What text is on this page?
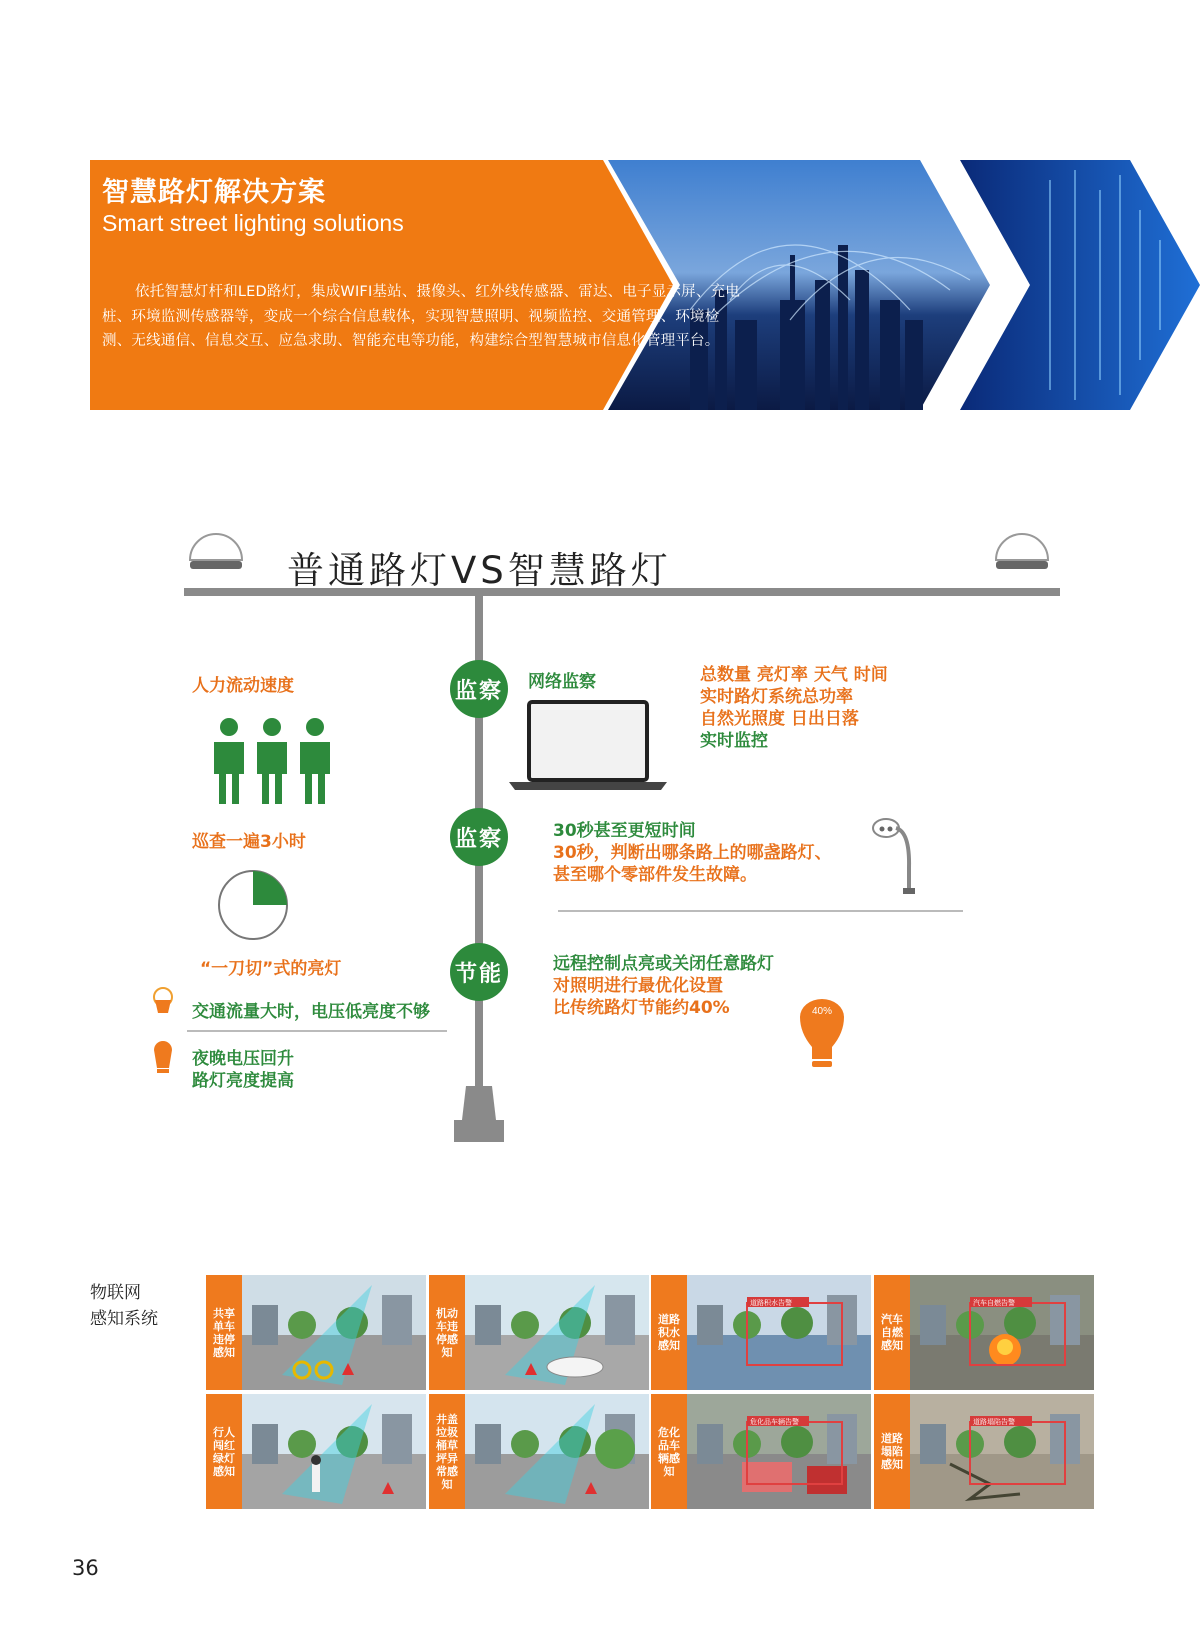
智慧路灯解决方案
Smart street lighting solutions
依托智慧灯杆和LED路灯，集成WIFI基站、摄像头、红外线传感器、雷达、电子显示屏、充电桩、环境监测传感器等，变成一个综合信息载体，实现智慧照明、视频监控、交通管理、环境检测、无线通信、信息交互、应急求助、智能充电等功能，构建综合型智慧城市信息化管理平台。
40%
普通路灯VS智慧路灯
人力流动速度
巡查一遍3小时
“一刀切”式的亮灯
交通流量大时，电压低亮度不够
夜晚电压回升
路灯亮度提高
监察
监察
节能
网络监察	总数量 亮灯率 天气 时间
实时路灯系统总功率
自然光照度 日出日落
实时监控
30秒甚至更短时间
30秒，判断出哪条路上的哪盏路灯、
甚至哪个零部件发生故障。
远程控制点亮或关闭任意路灯
对照明进行最优化设置
比传统路灯节能约40%
物联网
感知系统	共享单车违停感知
机动车违停感知
道路积水感知
道路积水告警
汽车自燃感知
汽车自燃告警
行人闯红绿灯感知
井盖垃圾桶草坪异常感知
危化品车辆感知
危化品车辆告警
道路塌陷感知
道路塌陷告警
36
